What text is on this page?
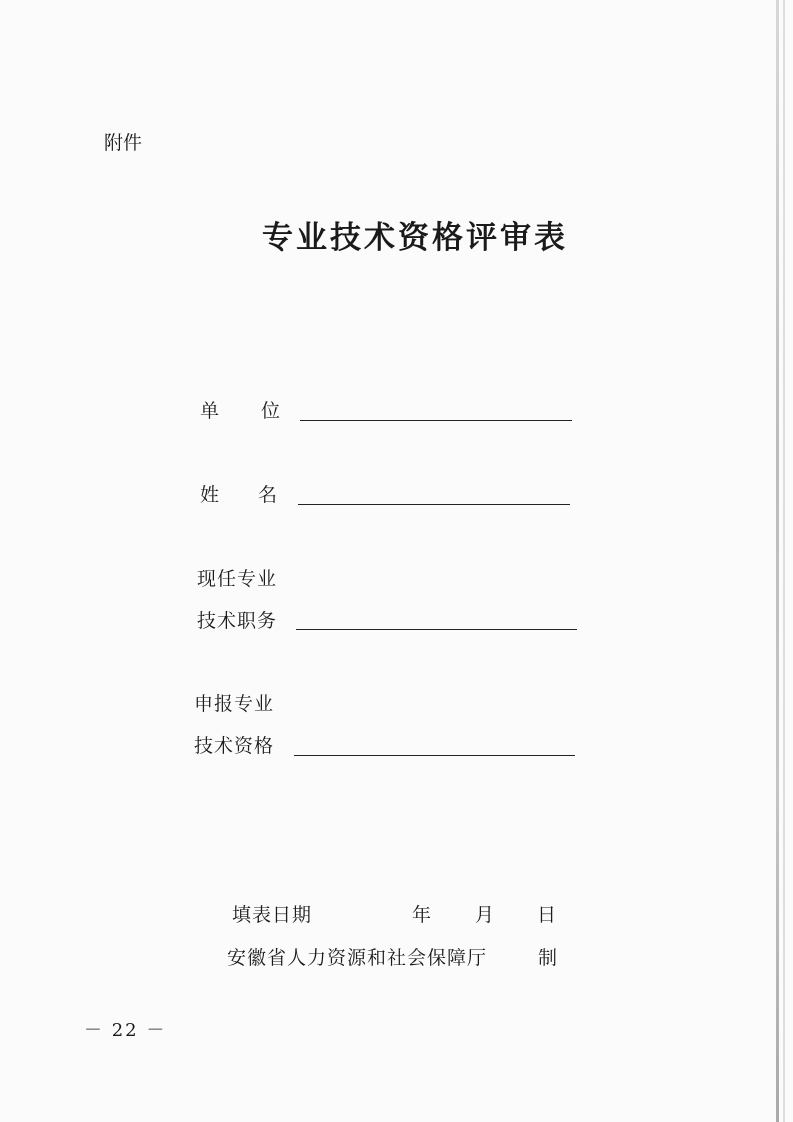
附件
专业技术资格评审表
单 位
姓 名
现任专业
技术职务
申报专业
技术资格
填表日期	年 月 日
安徽省人力资源和社会保障厅	制
－ 22 －
